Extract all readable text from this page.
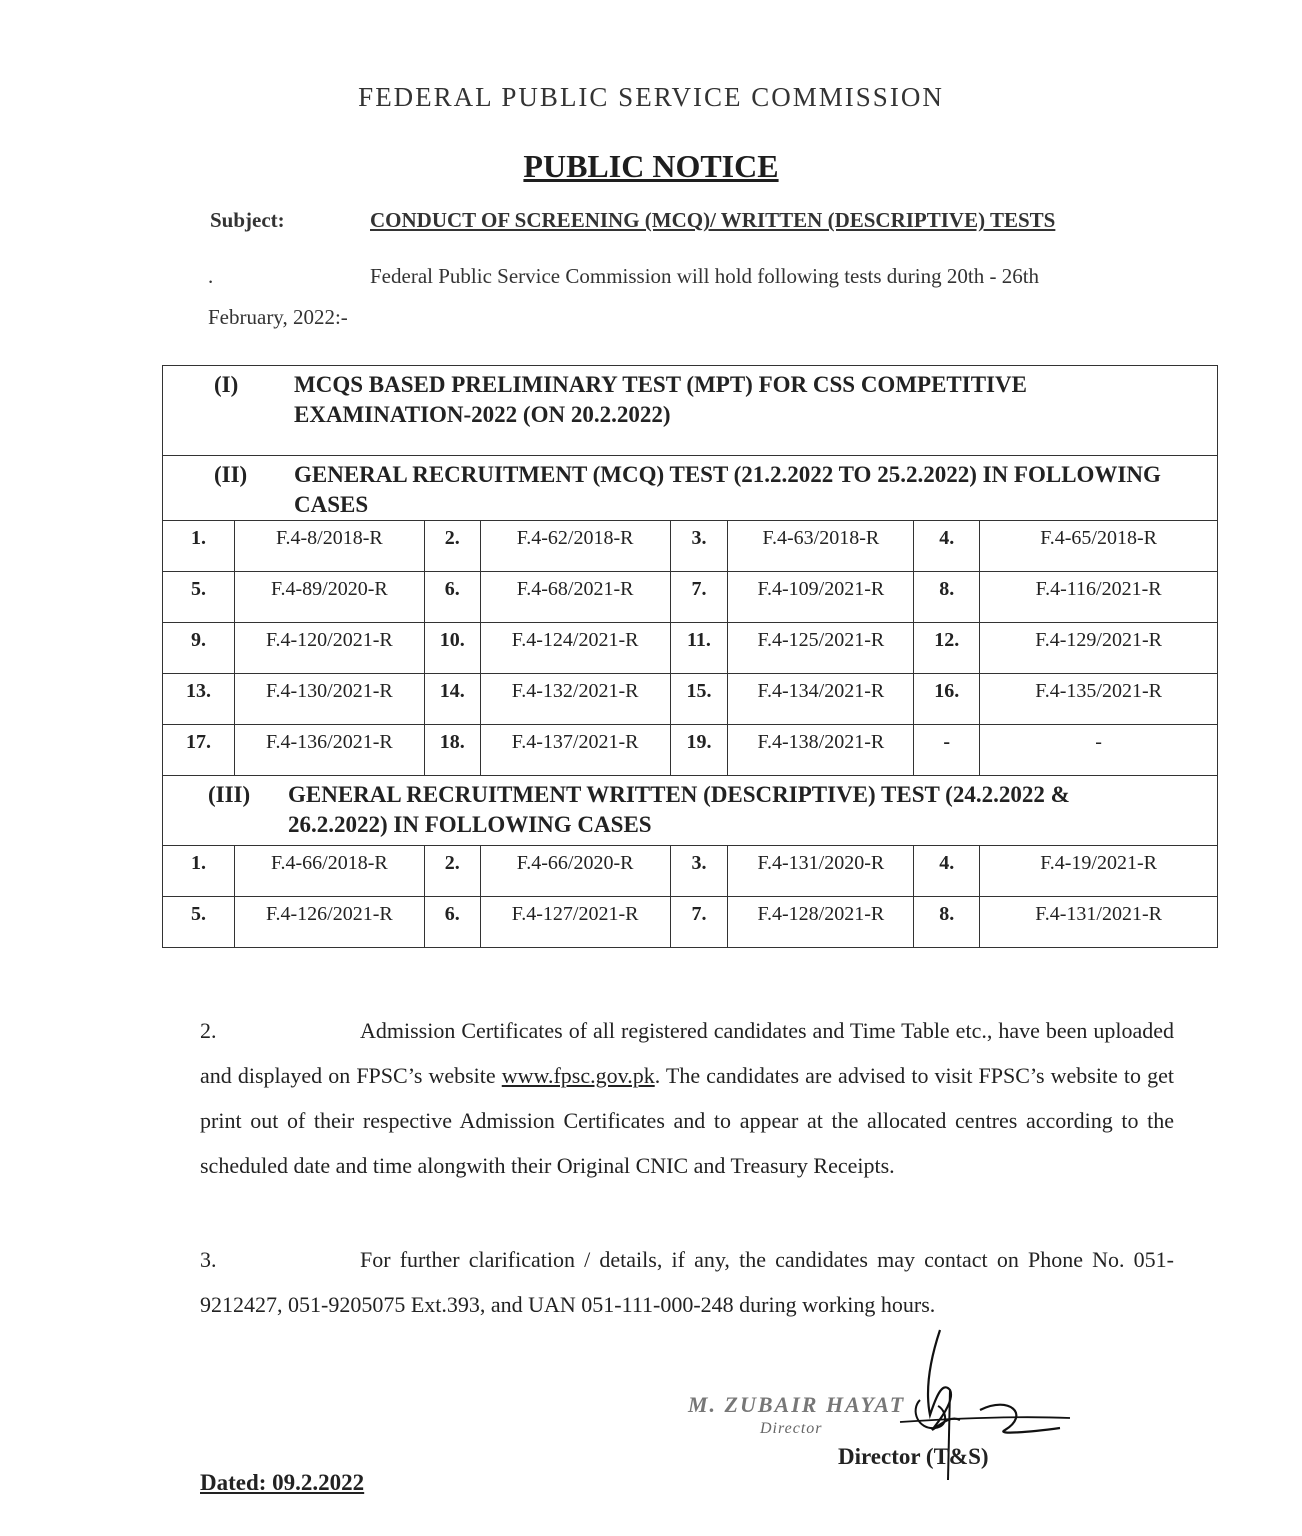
FEDERAL PUBLIC SERVICE COMMISSION
PUBLIC NOTICE
Subject:	CONDUCT OF SCREENING (MCQ)/ WRITTEN (DESCRIPTIVE) TESTS
.	Federal Public Service Commission will hold following tests during 20th - 26th
February, 2022:-
(I) MCQS BASED PRELIMINARY TEST (MPT) FOR CSS COMPETITIVE EXAMINATION-2022 (ON 20.2.2022)							
(II) GENERAL RECRUITMENT (MCQ) TEST (21.2.2022 TO 25.2.2022) IN FOLLOWING CASES							
1.	F.4-8/2018-R	2.	F.4-62/2018-R	3.	F.4-63/2018-R	4.	F.4-65/2018-R
5.	F.4-89/2020-R	6.	F.4-68/2021-R	7.	F.4-109/2021-R	8.	F.4-116/2021-R
9.	F.4-120/2021-R	10.	F.4-124/2021-R	11.	F.4-125/2021-R	12.	F.4-129/2021-R
13.	F.4-130/2021-R	14.	F.4-132/2021-R	15.	F.4-134/2021-R	16.	F.4-135/2021-R
17.	F.4-136/2021-R	18.	F.4-137/2021-R	19.	F.4-138/2021-R	-	-
(III) GENERAL RECRUITMENT WRITTEN (DESCRIPTIVE) TEST (24.2.2022 & 26.2.2022) IN FOLLOWING CASES							
1.	F.4-66/2018-R	2.	F.4-66/2020-R	3.	F.4-131/2020-R	4.	F.4-19/2021-R
5.	F.4-126/2021-R	6.	F.4-127/2021-R	7.	F.4-128/2021-R	8.	F.4-131/2021-R
2.	Admission Certificates of all registered candidates and Time Table etc., have been uploaded and displayed on FPSC’s website www.fpsc.gov.pk. The candidates are advised to visit FPSC’s website to get print out of their respective Admission Certificates and to appear at the allocated centres according to the scheduled date and time alongwith their Original CNIC and Treasury Receipts.
3.	For further clarification / details, if any, the candidates may contact on Phone No. 051-9212427, 051-9205075 Ext.393, and UAN 051-111-000-248 during working hours.
M. ZUBAIR HAYAT
Director
Director (T&S)
Dated: 09.2.2022
